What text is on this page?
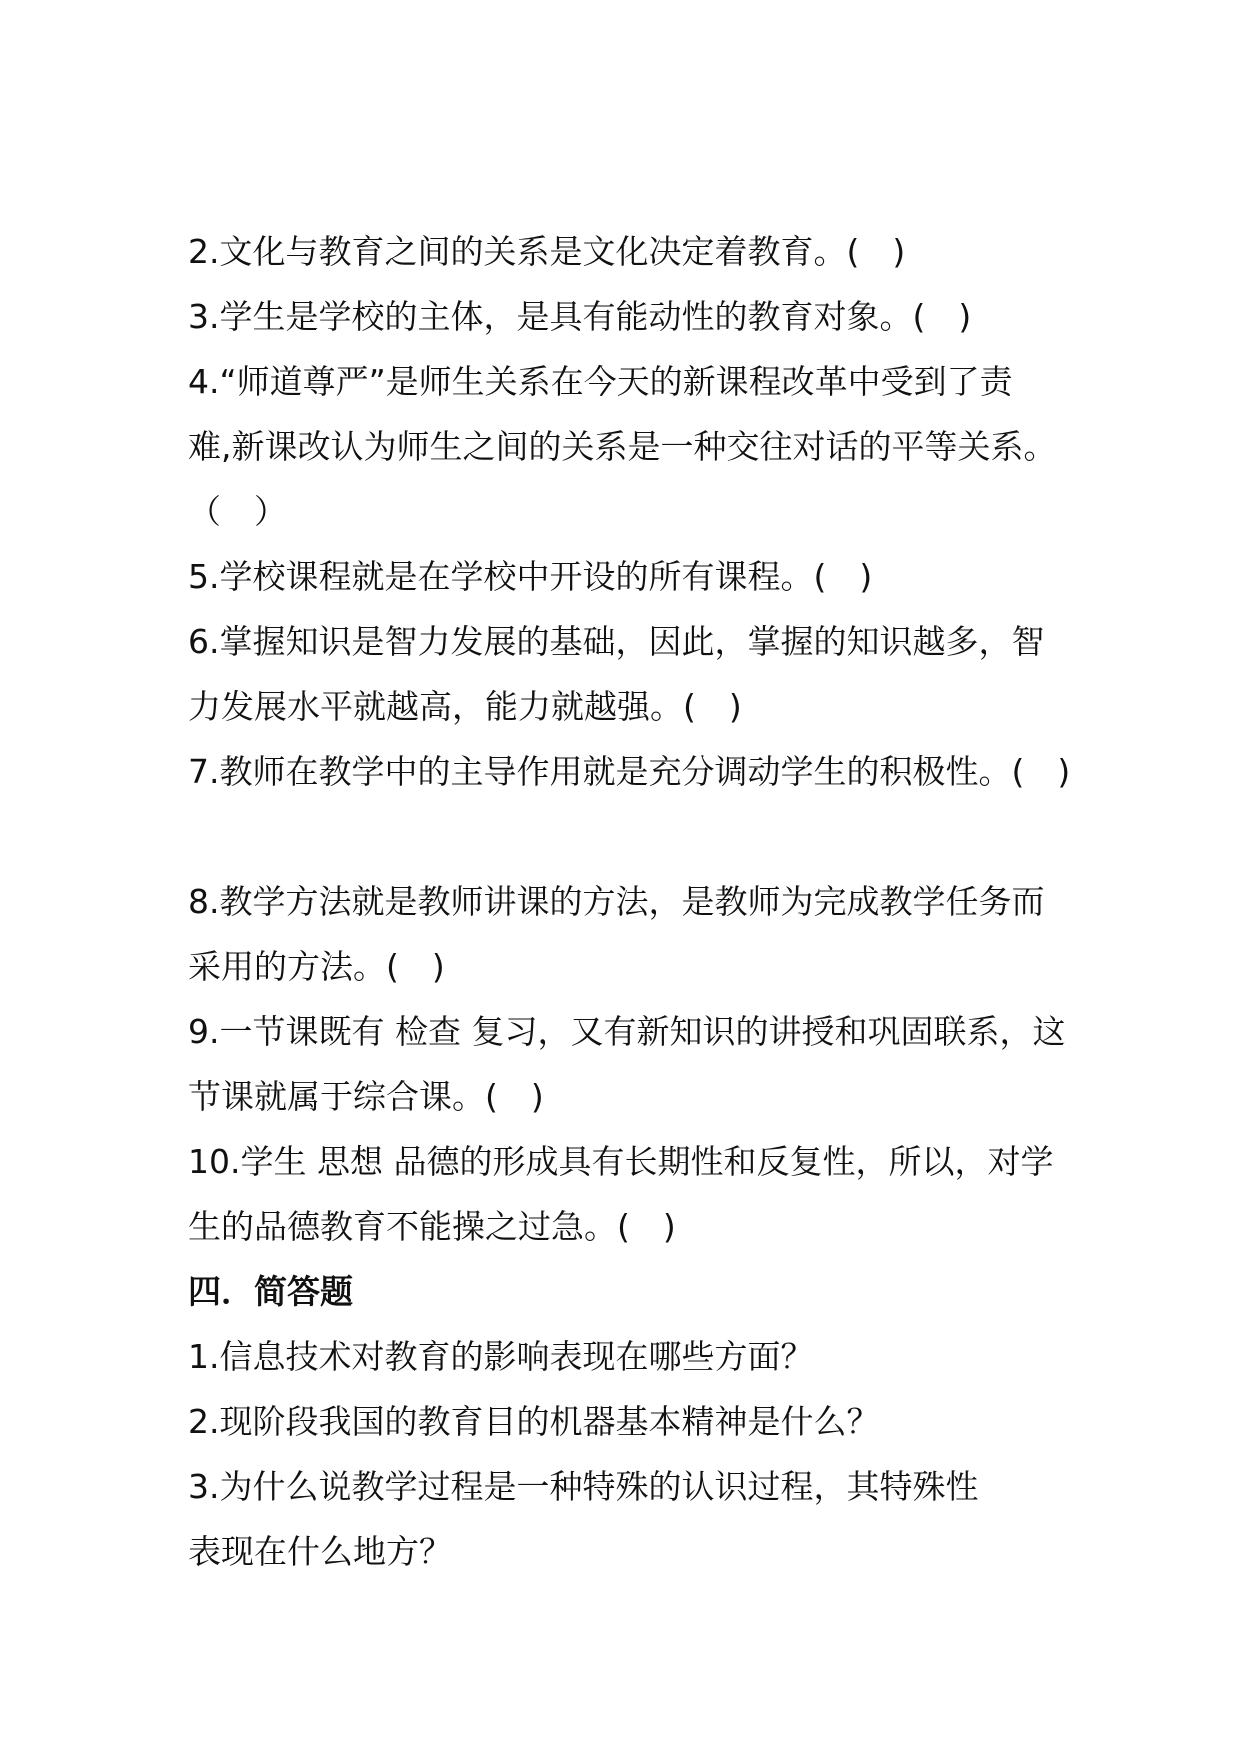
2.文化与教育之间的关系是文化决定着教育。(　)
3.学生是学校的主体，是具有能动性的教育对象。(　)
4.“师道尊严”是师生关系在今天的新课程改革中受到了责
难,新课改认为师生之间的关系是一种交往对话的平等关系。
（　）
5.学校课程就是在学校中开设的所有课程。(　)
6.掌握知识是智力发展的基础，因此，掌握的知识越多，智
力发展水平就越高，能力就越强。(　)
7.教师在教学中的主导作用就是充分调动学生的积极性。(　)
8.教学方法就是教师讲课的方法，是教师为完成教学任务而
采用的方法。(　)
9.一节课既有 检查 复习，又有新知识的讲授和巩固联系，这
节课就属于综合课。(　)
10.学生 思想 品德的形成具有长期性和反复性，所以，对学
生的品德教育不能操之过急。(　)
四．简答题
1.信息技术对教育的影响表现在哪些方面？
2.现阶段我国的教育目的机器基本精神是什么？
3.为什么说教学过程是一种特殊的认识过程，其特殊性
表现在什么地方？
